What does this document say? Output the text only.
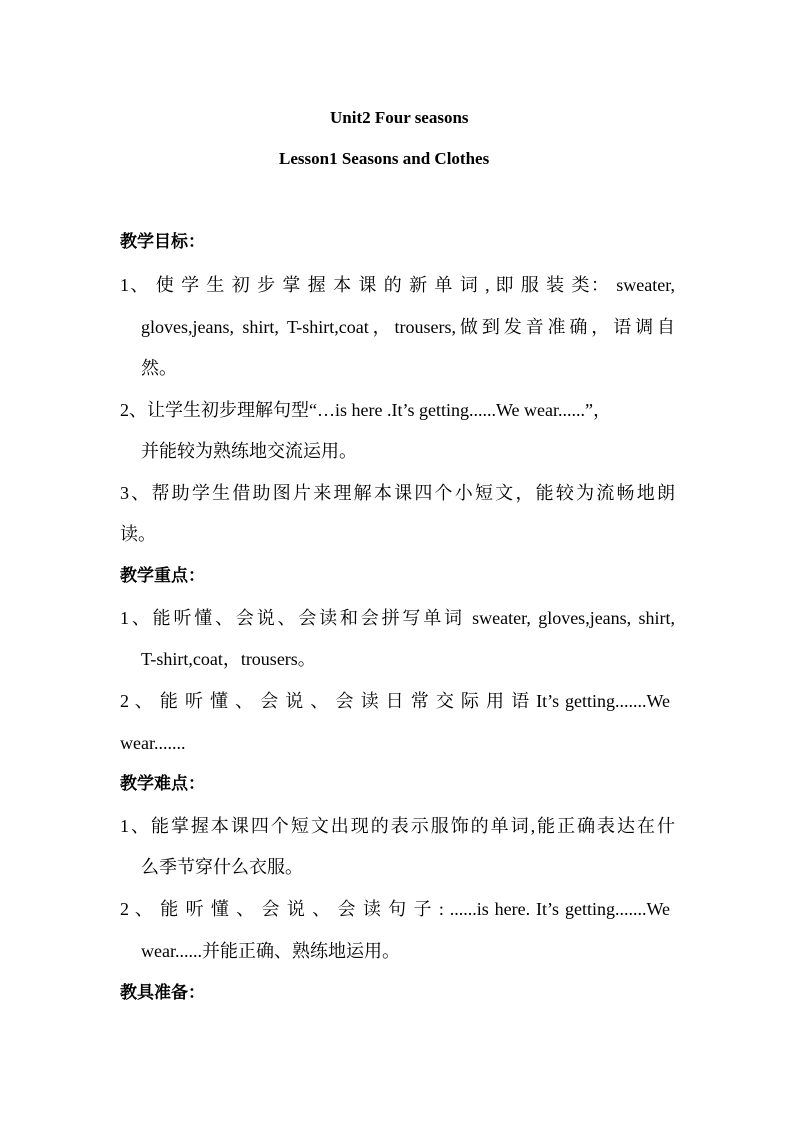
Unit2 Four seasons
Lesson1 Seasons and Clothes
教学目标：
1、 使 学 生 初 步 掌 握 本 课 的 新 单 词 , 即 服 装 类： sweater,
gloves,jeans, shirt, T-shirt,coat，trousers,做到发音准确，语调自
然。
2、让学生初步理解句型“…is here .It’s getting......We wear......”，
并能较为熟练地交流运用。
3、帮助学生借助图片来理解本课四个小短文，能较为流畅地朗
读。
教学重点：
1、能听懂、会说、会读和会拼写单词 sweater, gloves,jeans, shirt,
T-shirt,coat，trousers。
2 、 能 听 懂 、 会 说 、 会 读 日 常 交 际 用 语 It’s getting.......We
wear.......
教学难点：
1、能掌握本课四个短文出现的表示服饰的单词,能正确表达在什
么季节穿什么衣服。
2 、 能 听 懂 、 会 说 、 会 读 句 子 : ......is here. It’s getting.......We
wear......并能正确、熟练地运用。
教具准备：
